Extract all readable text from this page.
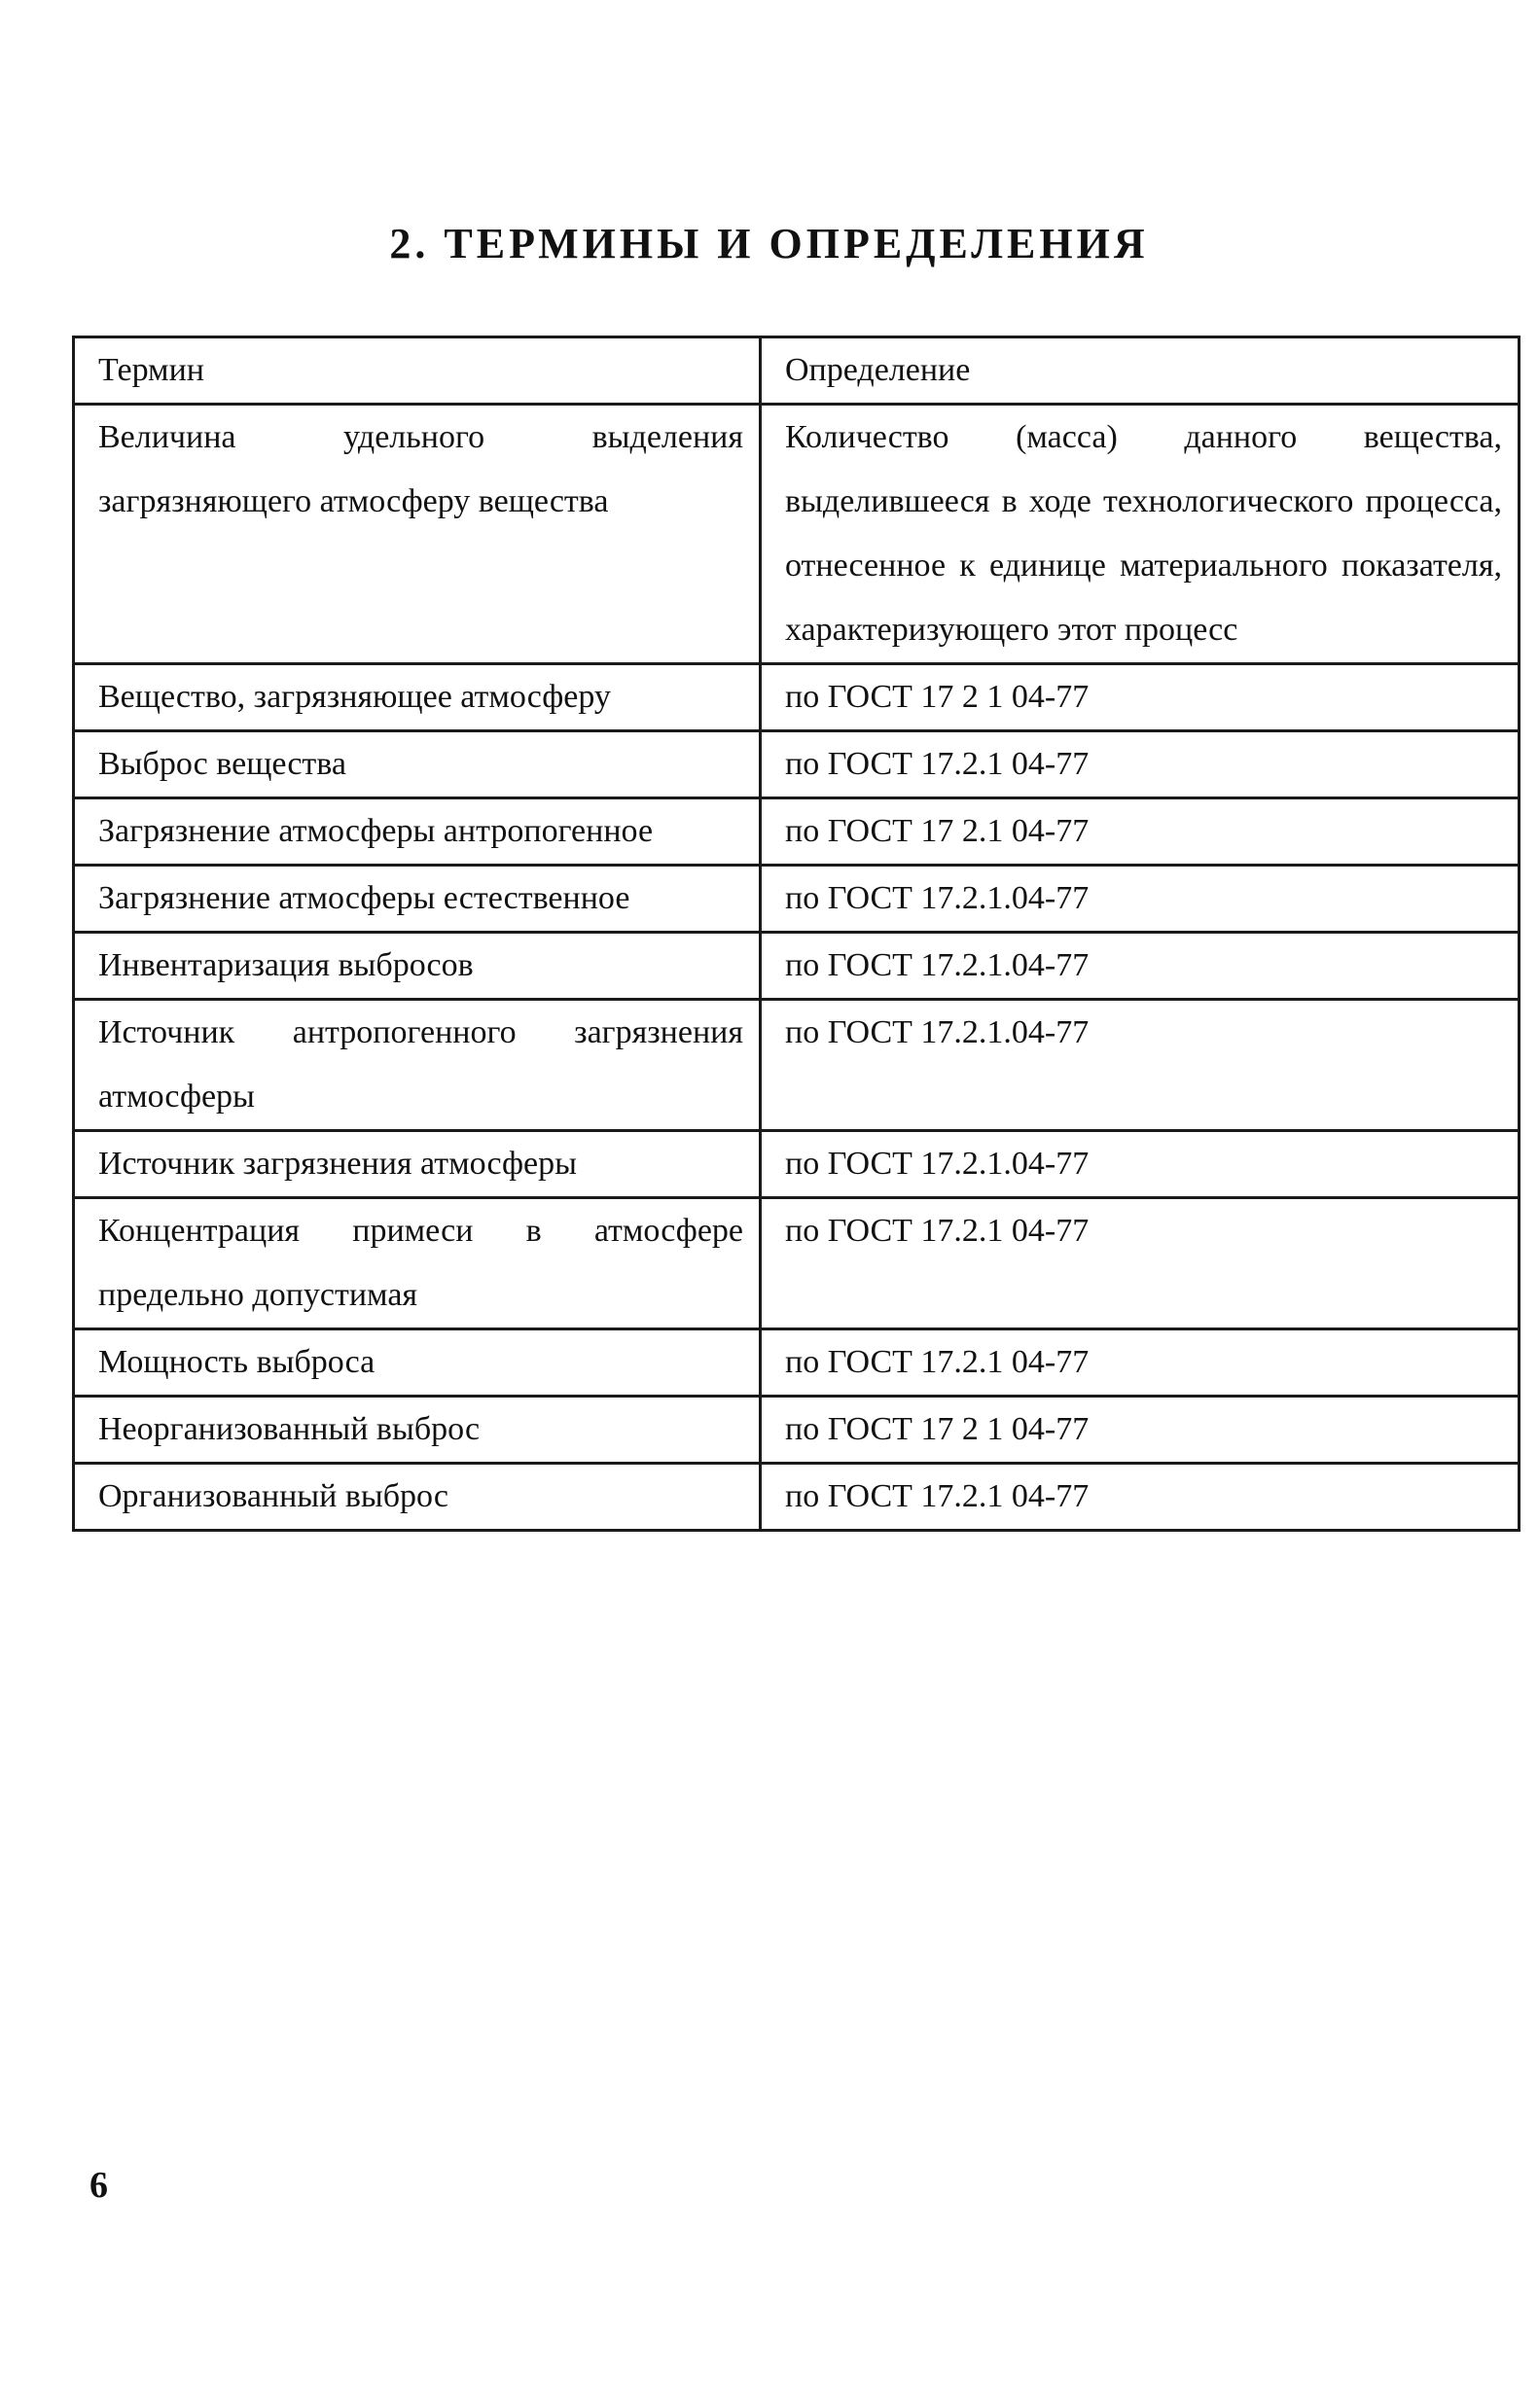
2. ТЕРМИНЫ И ОПРЕДЕЛЕНИЯ
Термин	Определение
Величина удельного выделения загрязняющего атмосферу вещества	Количество (масса) данного вещества, выделившееся в ходе технологического процесса, отнесенное к единице материального показателя, характеризующего этот процесс
Вещество, загрязняющее атмосферу	по ГОСТ 17 2 1 04-77
Выброс вещества	по ГОСТ 17.2.1 04-77
Загрязнение атмосферы антропогенное	по ГОСТ 17 2.1 04-77
Загрязнение атмосферы естественное	по ГОСТ 17.2.1.04-77
Инвентаризация выбросов	по ГОСТ 17.2.1.04-77
Источник антропогенного загрязнения атмосферы	по ГОСТ 17.2.1.04-77
Источник загрязнения атмосферы	по ГОСТ 17.2.1.04-77
Концентрация примеси в атмосфере предельно допустимая	по ГОСТ 17.2.1 04-77
Мощность выброса	по ГОСТ 17.2.1 04-77
Неорганизованный выброс	по ГОСТ 17 2 1 04-77
Организованный выброс	по ГОСТ 17.2.1 04-77

6
